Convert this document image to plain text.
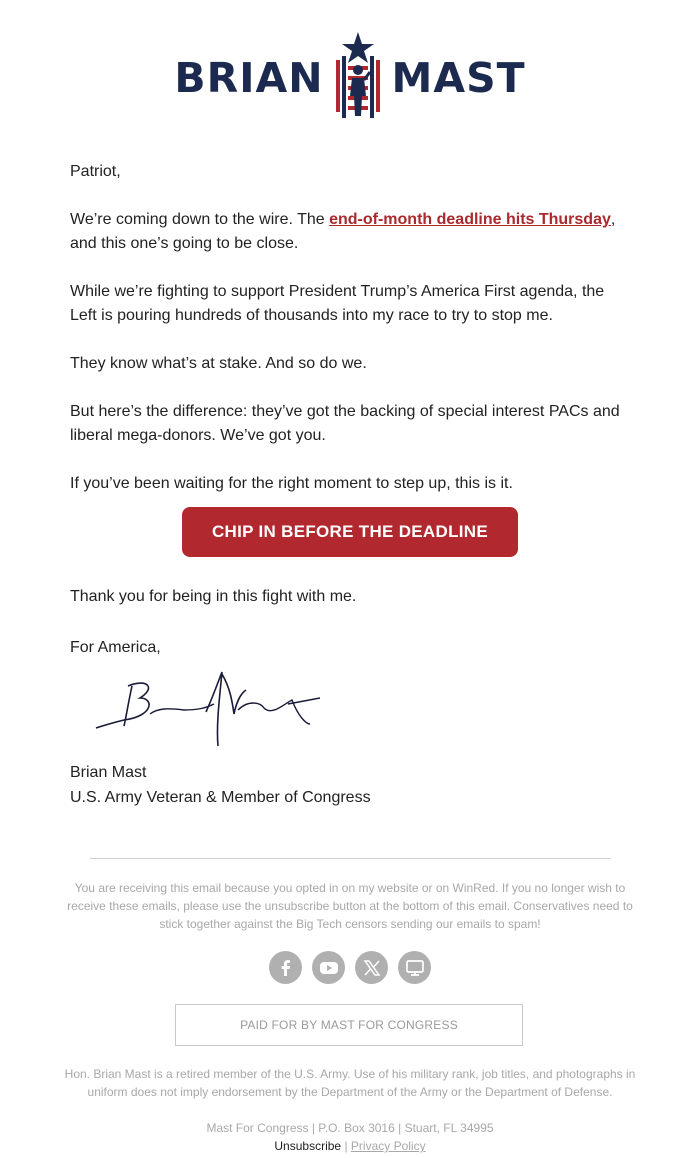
BRIAN MAST

Patriot,

We’re coming down to the wire. The end-of-month deadline hits Thursday, and this one’s going to be close.

While we’re fighting to support President Trump’s America First agenda, the Left is pouring hundreds of thousands into my race to try to stop me.

They know what’s at stake. And so do we.

But here’s the difference: they’ve got the backing of special interest PACs and liberal mega-donors. We’ve got you.

If you’ve been waiting for the right moment to step up, this is it.

CHIP IN BEFORE THE DEADLINE

Thank you for being in this fight with me.

For America,

Brian Mast
U.S. Army Veteran & Member of Congress
You are receiving this email because you opted in on my website or on WinRed. If you no longer wish to receive these emails, please use the unsubscribe button at the bottom of this email. Conservatives need to stick together against the Big Tech censors sending our emails to spam!
PAID FOR BY MAST FOR CONGRESS
Hon. Brian Mast is a retired member of the U.S. Army. Use of his military rank, job titles, and photographs in uniform does not imply endorsement by the Department of the Army or the Department of Defense.
Mast For Congress | P.O. Box 3016 | Stuart, FL 34995
Unsubscribe | Privacy Policy
